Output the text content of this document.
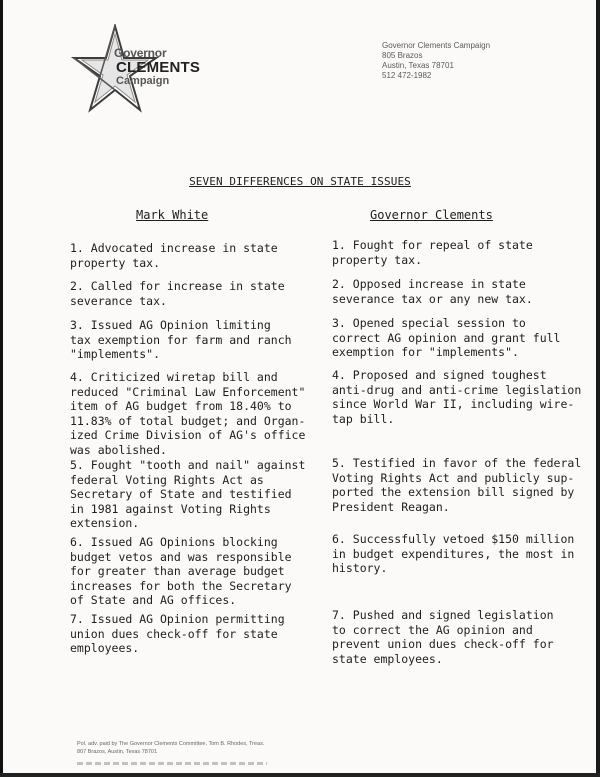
Governor
CLEMENTS
Campaign
Governor Clements Campaign
805 Brazos
Austin, Texas 78701
512 472-1982
SEVEN DIFFERENCES ON STATE ISSUES
Mark White	Governor Clements
1. Advocated increase in state
property tax.
2. Called for increase in state
severance tax.
3. Issued AG Opinion limiting
tax exemption for farm and ranch
"implements".
4. Criticized wiretap bill and
reduced "Criminal Law Enforcement"
item of AG budget from 18.40% to
11.83% of total budget; and Organ-
ized Crime Division of AG's office
was abolished.
5. Fought "tooth and nail" against
federal Voting Rights Act as
Secretary of State and testified
in 1981 against Voting Rights
extension.
6. Issued AG Opinions blocking
budget vetos and was responsible
for greater than average budget
increases for both the Secretary
of State and AG offices.
7. Issued AG Opinion permitting
union dues check-off for state
employees.
1. Fought for repeal of state
property tax.
2. Opposed increase in state
severance tax or any new tax.
3. Opened special session to
correct AG opinion and grant full
exemption for "implements".
4. Proposed and signed toughest
anti-drug and anti-crime legislation
since World War II, including wire-
tap bill.
5. Testified in favor of the federal
Voting Rights Act and publicly sup-
ported the extension bill signed by
President Reagan.
6. Successfully vetoed $150 million
in budget expenditures, the most in
history.
7. Pushed and signed legislation
to correct the AG opinion and
prevent union dues check-off for
state employees.
Pol. adv. paid by The Governor Clements Committee, Tom B. Rhodes, Treas.
807 Brazos, Austin, Texas 78701
